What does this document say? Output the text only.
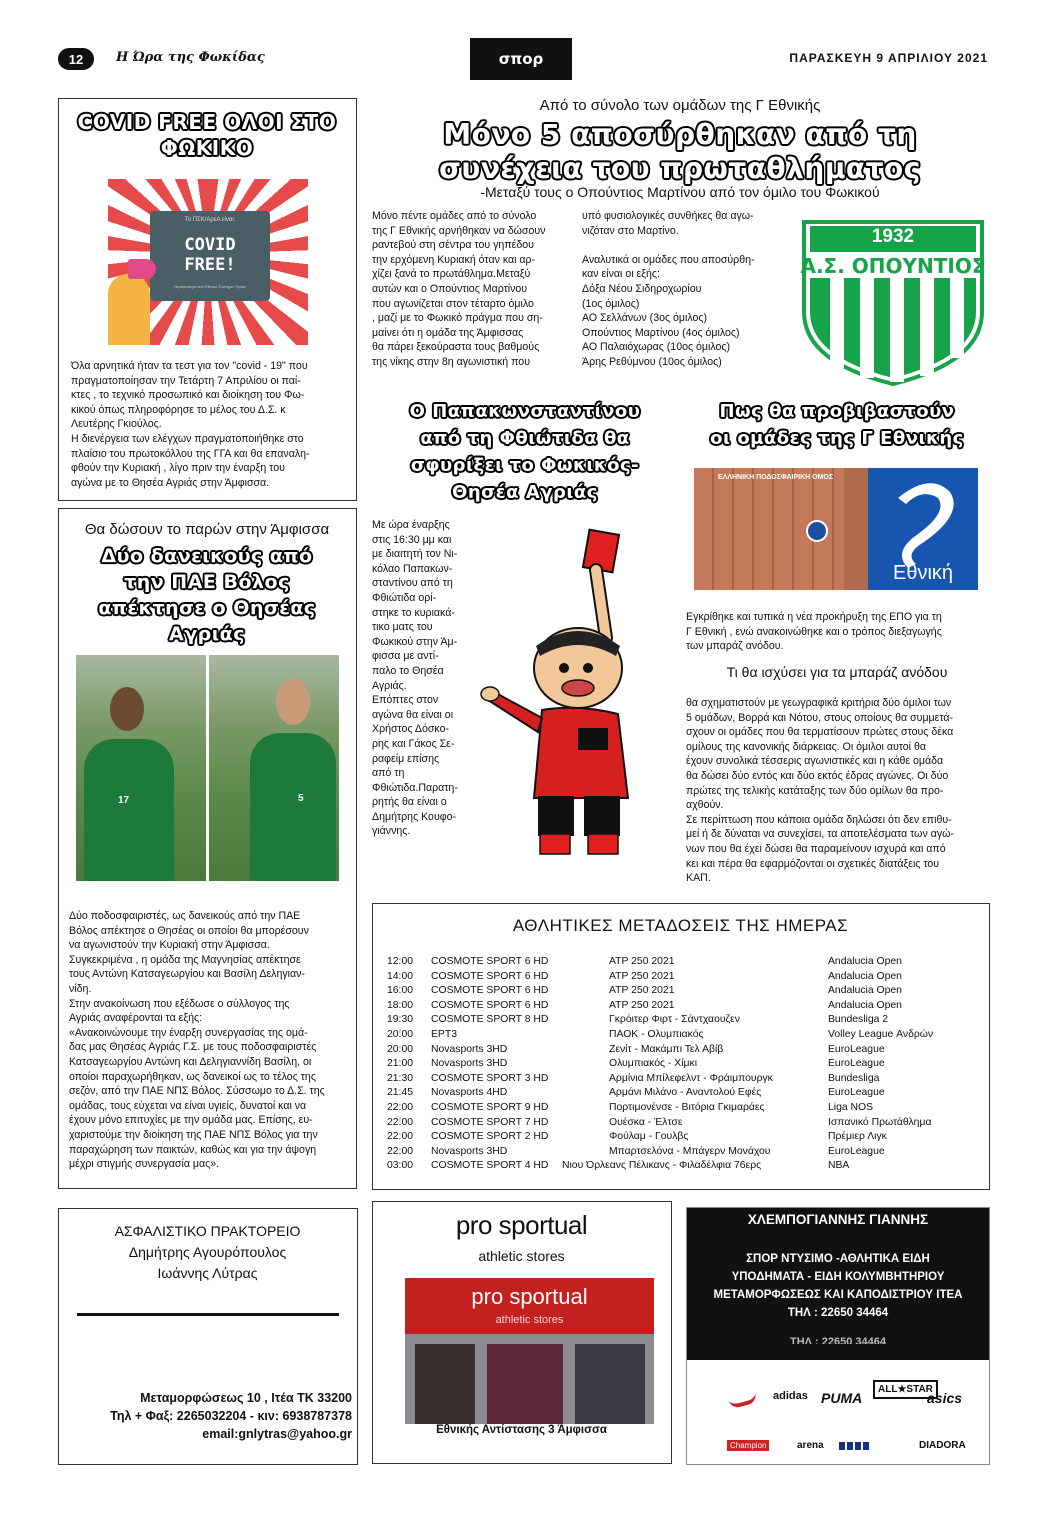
12	Η Ώρα της Φωκίδας	σπορ	ΠΑΡΑΣΚΕΥΗ 9 ΑΠΡΙΛΙΟΥ 2021
COVID FREE ΟΛΟΙ ΣΤΟ
ΦΩΚΙΚΟ
Το ΠΣΚ/ΑρεΑ είναι:
COVID FREE!
Περισσότερα στο Εθνικό Σύστημα Υγείας
Όλα αρνητικά ήταν τα τεστ για τον "covid - 19" που
πραγματοποίησαν την Τετάρτη 7 Απριλίου οι παί-
κτες , το τεχνικό προσωπικό και διοίκηση του Φω-
κικού όπως πληροφόρησε το μέλος του Δ.Σ. κ
Λευτέρης Γκιούλος.
Η διενέργεια των ελέγχων πραγματοποιήθηκε στο
πλαίσιο του πρωτοκόλλου της ΓΓΑ και θα επαναλη-
φθούν την Κυριακή , λίγο πριν την έναρξη του
αγώνα με το Θησέα Αγριάς στην Άμφισσα.
Θα δώσουν το παρών στην Άμφισσα
Δύο δανεικούς από
την ΠΑΕ Βόλος
απέκτησε ο Θησέας
Αγριάς
17	5
Δύο ποδοσφαιριστές, ως δανεικούς από την ΠΑΕ
Βόλος απέκτησε ο Θησέας οι οποίοι θα μπορέσουν
να αγωνιστούν την Κυριακή στην Άμφισσα.
Συγκεκριμένα , η ομάδα της Μαγνησίας απέκτησε
τους Αντώνη Κατσαγεωργίου και Βασίλη Δεληγιαν-
νίδη.
Στην ανακοίνωση που εξέδωσε ο σύλλογος της
Αγριάς αναφέρονται τα εξής:
«Ανακοινώνουμε την έναρξη συνεργασίας της ομά-
δας μας Θησέας Αγριάς Γ.Σ. με τους ποδοσφαιριστές
Κατσαγεωργίου Αντώνη και Δεληγιαννίδη Βασίλη, οι
οποίοι παραχωρήθηκαν, ως δανεικοί ως το τέλος της
σεζόν, από την ΠΑΕ ΝΠΣ Βόλος. Σύσσωμο το Δ.Σ. της
ομάδας, τους εύχεται να είναι υγιείς, δυνατοί και να
έχουν μόνο επιτυχίες με την ομάδα μας. Επίσης, ευ-
χαριστούμε την διοίκηση της ΠΑΕ ΝΠΣ Βόλος για την
παραχώρηση των παικτών, καθώς και για την άψογη
μέχρι στιγμής συνεργασία μας».
Από το σύνολο των ομάδων της Γ Εθνικής
Μόνο 5 αποσύρθηκαν από τη
συνέχεια του πρωταθλήματος
-Μεταξύ τους ο Οπούντιος Μαρτίνου από τον όμιλο του Φωκικού
Μόνο πέντε ομάδες από το σύνολο
της Γ Εθνικής αρνήθηκαν να δώσουν
ραντεβού στη σέντρα του γηπέδου
την ερχόμενη Κυριακή όταν και αρ-
χίζει ξανά το πρωτάθλημα.Μεταξύ
αυτών και ο Οπούντιος Μαρτίνου
που αγωνίζεται στον τέταρτο όμιλο
, μαζί με το Φωκικό πράγμα που ση-
μαίνει ότι η ομάδα της Άμφισσας
θα πάρει ξεκούραστα τους βαθμούς
της νίκης στην 8η αγωνιστική που
υπό φυσιολογικές συνθήκες θα αγω-
νιζόταν στο Μαρτίνο.
Αναλυτικά οι ομάδες που αποσύρθη-
καν είναι οι εξής:
Δόξα Νέου Σιδηροχωρίου
(1ος όμιλος)
ΑΟ Σελλάνων (3ος όμιλος)
Οπούντιος Μαρτίνου (4ος όμιλος)
ΑΟ Παλαιόχωρας (10ος όμιλος)
Άρης Ρεθύμνου (10ος όμιλος)
1932
Α.Σ. ΟΠΟΥΝΤΙΟΣ
Ο Παπακωνσταντίνου
από τη Φθιώτιδα θα
σφυρίξει το Φωκικός-
Θησέα Αγριάς
Με ώρα έναρξης
στις 16:30 μμ και
με διαιτητή τον Νι-
κόλαο Παπακων-
σταντίνου από τη
Φθιώτιδα ορί-
στηκε το κυριακά-
τικο ματς του
Φωκικού στην Άμ-
φισσα με αντί-
παλο το Θησέα
Αγριάς.
Επόπτες στον
αγώνα θα είναι οι
Χρήστος Δόσκο-
ρης και Γάκος Σε-
ραφείμ επίσης
από τη
Φθιώτιδα.Παρατη-
ρητής θα είναι ο
Δημήτρης Κουφο-
γιάννης.
Πως θα προβιβαστούν
οι ομάδες της Γ Εθνικής
ΕΛΛΗΝΙΚΗ ΠΟΔΟΣΦΑΙΡΙΚΗ ΟΜΟΣ
Εθνική
Εγκρίθηκε και τυπικά η νέα προκήρυξη της ΕΠΟ για τη
Γ Εθνική , ενώ ανακοινώθηκε και ο τρόπος διεξαγωγής
των μπαράζ ανόδου.
Τι θα ισχύσει για τα μπαράζ ανόδου
θα σχηματιστούν με γεωγραφικά κριτήρια δύο όμιλοι των
5 ομάδων, Βορρά και Νότου, στους οποίους θα συμμετά-
σχουν οι ομάδες που θα τερματίσουν πρώτες στους δέκα
ομίλους της κανονικής διάρκειας. Οι όμιλοι αυτοί θα
έχουν συνολικά τέσσερις αγωνιστικές και η κάθε ομάδα
θα δώσει δύο εντός και δύο εκτός έδρας αγώνες. Οι δύο
πρώτες της τελικής κατάταξης των δύο ομίλων θα προ-
αχθούν.
Σε περίπτωση που κάποια ομάδα δηλώσει ότι δεν επιθυ-
μεί ή δε δύναται να συνεχίσει, τα αποτελέσματα των αγώ-
νων που θα έχει δώσει θα παραμείνουν ισχυρά και από
κει και πέρα θα εφαρμόζονται οι σχετικές διατάξεις του
ΚΑΠ.
ΑΘΛΗΤΙΚΕΣ ΜΕΤΑΔΟΣΕΙΣ ΤΗΣ ΗΜΕΡΑΣ
12:00 COSMOTE SPORT 6 HD	ATP 250 2021	Andalucia Open
14:00 COSMOTE SPORT 6 HD	ATP 250 2021	Andalucia Open
16:00 COSMOTE SPORT 6 HD	ATP 250 2021	Andalucia Open
18:00 COSMOTE SPORT 6 HD	ATP 250 2021	Andalucia Open
19:30 COSMOTE SPORT 8 HD	Γκρόιτερ Φιρτ - Σάντχαουζεν	Bundesliga 2
20:00 ΕΡΤ3	ΠΑΟΚ - Ολυμπιακός	Volley League Ανδρών
20:00 Novasports 3HD	Ζενίτ - Μακάμπι Τελ Αβίβ	EuroLeague
21:00 Novasports 3HD	Ολυμπιακός - Χίμκι	EuroLeague
21:30 COSMOTE SPORT 3 HD	Αρμίνια Μπίλεφελντ - Φράιμπουργκ	Bundesliga
21:45 Novasports 4HD	Αρμάνι Μιλάνο - Αναντολού Εφές	EuroLeague
22:00 COSMOTE SPORT 9 HD	Πορτιμονένσε - Βιτόρια Γκιμαράες	Liga NOS
22:00 COSMOTE SPORT 7 HD	Ουέσκα - Έλτσε	Ισπανικό Πρωτάθλημα
22:00 COSMOTE SPORT 2 HD	Φούλαμ - Γουλβς	Πρέμιερ Λιγκ
22:00 Novasports 3HD	Μπαρτσελόνα - Μπάγερν Μονάχου	EuroLeague
03:00 COSMOTE SPORT 4 HD Νιου Όρλεανς Πέλικανς - Φιλαδέλφια 76ερς	NBA
ΑΣΦΑΛΙΣΤΙΚΟ ΠΡΑΚΤΟΡΕΙΟ
Δημήτρης Αγουρόπουλος
Ιωάννης Λύτρας
Μεταμορφώσεως 10 , Ιτέα ΤΚ 33200
Τηλ + Φαξ: 2265032204 - κιν: 6938787378
email:gnlytras@yahoo.gr
pro sportual
athletic stores
pro sportual
athletic stores
Εθνικής Αντίστασης 3 Άμφισσα
ΧΛΕΜΠΟΓΙΑΝΝΗΣ ΓΙΑΝΝΗΣ
ΣΠΟΡ ΝΤΥΣΙΜΟ -ΑΘΛΗΤΙΚΑ ΕΙΔΗ
ΥΠΟΔΗΜΑΤΑ - ΕΙΔΗ ΚΟΛΥΜΒΗΤΗΡΙΟΥ
ΜΕΤΑΜΟΡΦΩΣΕΩΣ ΚΑΙ ΚΑΠΟΔΙΣΤΡΙΟΥ ΙΤΕΑ
ΤΗΛ : 22650 34464
ΤΗΛ : 22650 34464
adidas PUMA
ALL★STAR
asics
Champion	arena	DIADORA
